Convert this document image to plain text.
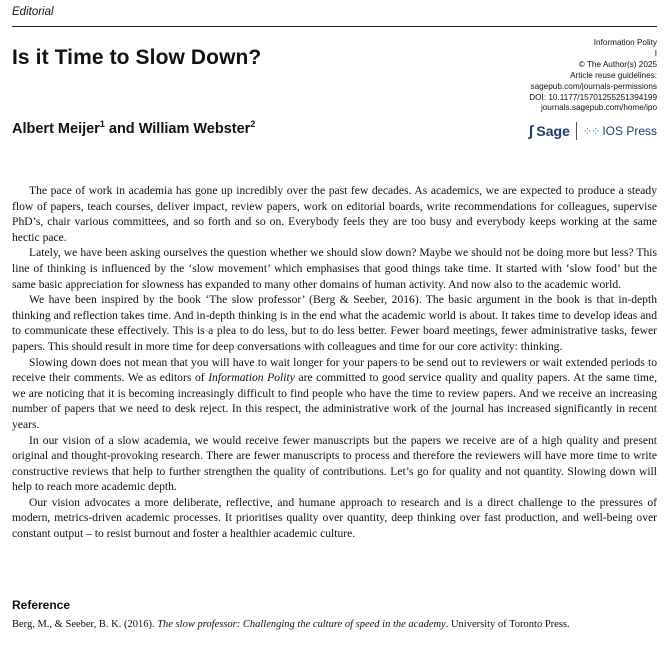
Editorial
Is it Time to Slow Down?
Albert Meijer$^1$ and William Webster$^2$
Information Polity
I
© The Author(s) 2025
Article reuse guidelines:
sagepub.com/journals-permissions
DOI: 10.1177/15701255251394199
journals.sagepub.com/home/ipo
ʃ Sage ⁘⁘ IOS Press

The pace of work in academia has gone up incredibly over the past few decades. As academics, we are expected to produce a steady flow of papers, teach courses, deliver impact, review papers, work on editorial boards, write recommendations for colleagues, supervise PhD’s, chair various committees, and so forth and so on. Everybody feels they are too busy and everybody keeps working at the same hectic pace.

Lately, we have been asking ourselves the question whether we should slow down? Maybe we should not be doing more but less? This line of thinking is influenced by the ‘slow movement’ which emphasises that good things take time. It started with ‘slow food’ but the same basic appreciation for slowness has expanded to many other domains of human activity. And now also to the academic world.

We have been inspired by the book ‘The slow professor’ (Berg & Seeber, 2016). The basic argument in the book is that in-depth thinking and reflection takes time. And in-depth thinking is in the end what the academic world is about. It takes time to develop ideas and to communicate these effectively. This is a plea to do less, but to do less better. Fewer board meetings, fewer administrative tasks, fewer papers. This should result in more time for deep conversations with colleagues and time for our core activity: thinking.

Slowing down does not mean that you will have to wait longer for your papers to be send out to reviewers or wait extended periods to receive their comments. We as editors of Information Polity are committed to good service quality and quality papers. At the same time, we are noticing that it is becoming increasingly difficult to find people who have the time to review papers. And we receive an increasing number of papers that we need to desk reject. In this respect, the administrative work of the journal has increased significantly in recent years.

In our vision of a slow academia, we would receive fewer manuscripts but the papers we receive are of a high quality and present original and thought-provoking research. There are fewer manuscripts to process and therefore the reviewers will have more time to write constructive reviews that help to further strengthen the quality of contributions. Let’s go for quality and not quantity. Slowing down will help to reach more academic depth.

Our vision advocates a more deliberate, reflective, and humane approach to research and is a direct challenge to the pressures of modern, metrics-driven academic processes. It prioritises quality over quantity, deep thinking over fast production, and well-being over constant output – to resist burnout and foster a healthier academic culture.

Reference
Berg, M., & Seeber, B. K. (2016). The slow professor: Challenging the culture of speed in the academy. University of Toronto Press.
